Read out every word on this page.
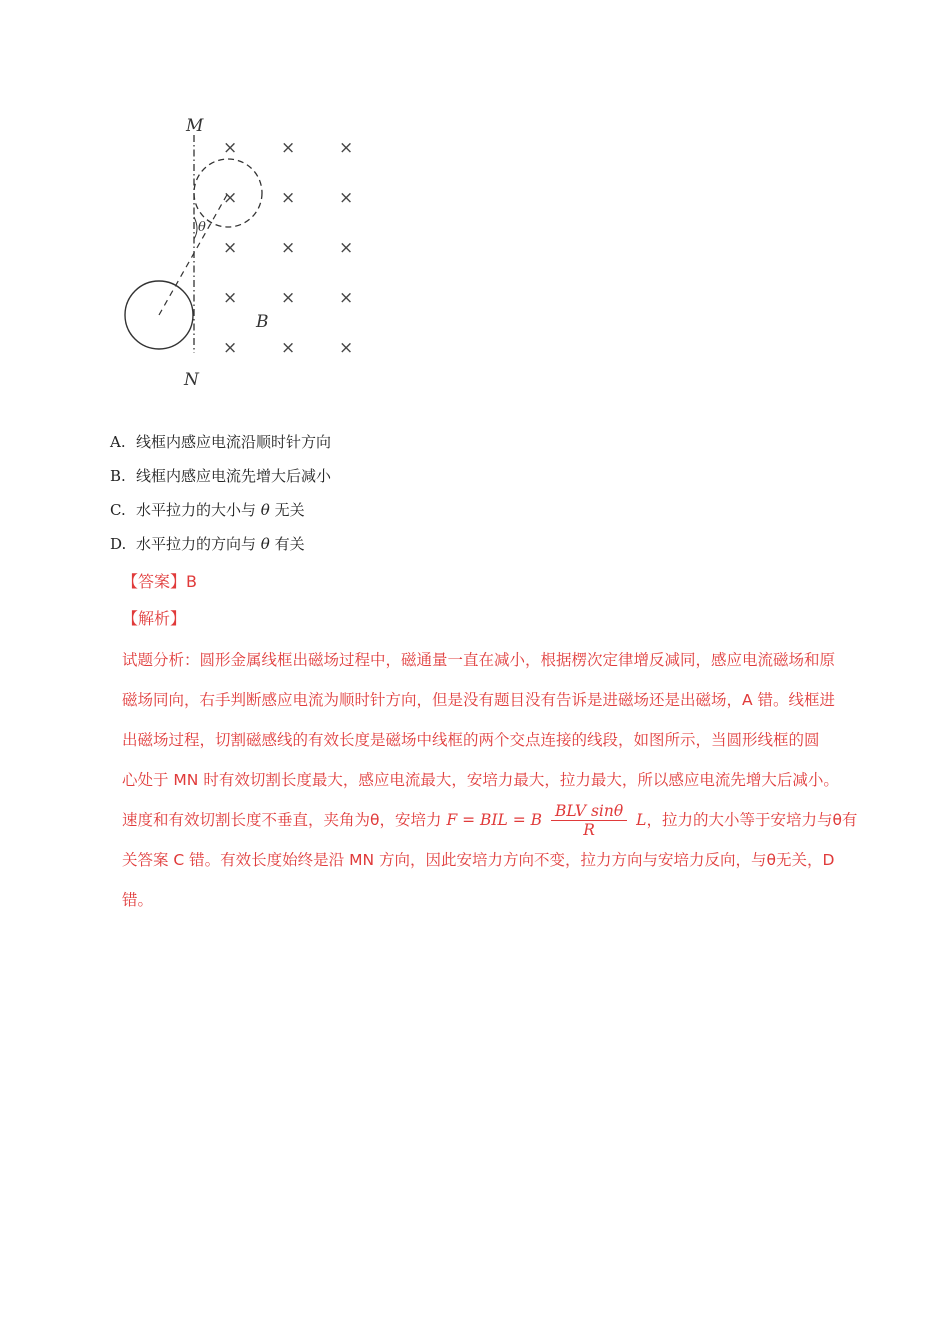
M
N
θ
B
×	×	×
×	×	×
×	×	×
×	×	×
×	×	×
A. 线框内感应电流沿顺时针方向
B. 线框内感应电流先增大后减小
C. 水平拉力的大小与 θ 无关
D. 水平拉力的方向与 θ 有关
【答案】B
【解析】

试题分析：圆形金属线框出磁场过程中，磁通量一直在减小，根据楞次定律增反减同，感应电流磁场和原

磁场同向，右手判断感应电流为顺时针方向，但是没有题目没有告诉是进磁场还是出磁场，A 错。线框进

出磁场过程，切割磁感线的有效长度是磁场中线框的两个交点连接的线段，如图所示，当圆形线框的圆

心处于 MN 时有效切割长度最大，感应电流最大，安培力最大，拉力最大，所以感应电流先增大后减小。

速度和有效切割长度不垂直，夹角为θ，安培力 F = BIL = B $\frac{\text{BLV sinθ}}{R}$ L，拉力的大小等于安培力与θ有

关答案 C 错。有效长度始终是沿 MN 方向，因此安培力方向不变，拉力方向与安培力反向，与θ无关，D

错。
